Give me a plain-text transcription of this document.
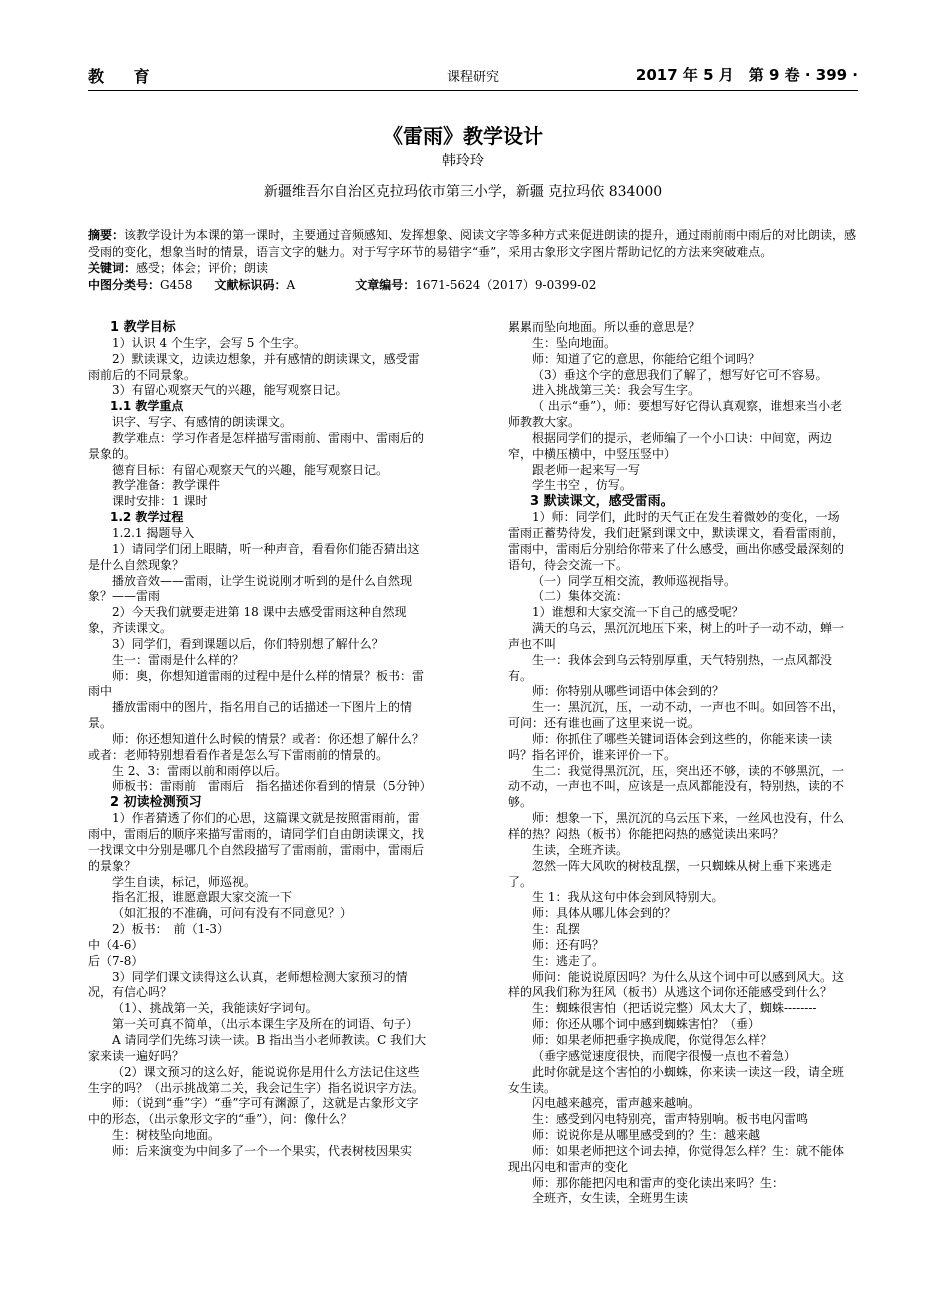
教 育	课程研究	2017 年 5 月　第 9 卷 · 399 ·
《雷雨》教学设计
韩玲玲
新疆维吾尔自治区克拉玛依市第三小学，新疆 克拉玛依 834000

摘要：该教学设计为本课的第一课时，主要通过音频感知、发挥想象、阅读文字等多种方式来促进朗读的提升，通过雨前雨中雨后的对比朗读，感受雨的变化，想象当时的情景，语言文字的魅力。对于写字环节的易错字“垂”，采用古象形文字图片帮助记忆的方法来突破难点。

关键词：感受；体会；评价；朗读

中图分类号：G458 文献标识码：A	文章编号：1671-5624（2017）9-0399-02

1 教学目标

1）认识 4 个生字，会写 5 个生字。

2）默读课文，边读边想象，并有感情的朗读课文，感受雷雨前后的不同景象。

3）有留心观察天气的兴趣，能写观察日记。

1.1 教学重点

识字、写字、有感情的朗读课文。

教学难点：学习作者是怎样描写雷雨前、雷雨中、雷雨后的景象的。

德育目标：有留心观察天气的兴趣，能写观察日记。

教学准备：教学课件

课时安排：1 课时

1.2 教学过程

1.2.1 揭题导入

1）请同学们闭上眼睛，听一种声音，看看你们能否猜出这是什么自然现象？

播放音效——雷雨，让学生说说刚才听到的是什么自然现象？——雷雨

2）今天我们就要走进第 18 课中去感受雷雨这种自然现象，齐读课文。

3）同学们，看到课题以后，你们特别想了解什么？

生一：雷雨是什么样的？

师：奥，你想知道雷雨的过程中是什么样的情景？板书：雷雨中

播放雷雨中的图片，指名用自己的话描述一下图片上的情景。

师：你还想知道什么时候的情景？或者：你还想了解什么？或者：老师特别想看看作者是怎么写下雷雨前的情景的。

生 2、3：雷雨以前和雨停以后。

师板书：雷雨前　雷雨后　指名描述你看到的情景（5分钟）

2 初读检测预习

1）作者猜透了你们的心思，这篇课文就是按照雷雨前，雷雨中，雷雨后的顺序来描写雷雨的，请同学们自由朗读课文，找一找课文中分别是哪几个自然段描写了雷雨前，雷雨中，雷雨后的景象？

学生自读，标记，师巡视。

指名汇报，谁愿意跟大家交流一下

（如汇报的不准确，可问有没有不同意见？）

2）板书：　前（1-3）

中（4-6）

后（7-8）

3）同学们课文读得这么认真，老师想检测大家预习的情况，有信心吗？

（1）、挑战第一关，我能读好字词句。

第一关可真不简单，（出示本课生字及所在的词语、句子）

A 请同学们先练习读一读。B 指出当小老师教读。C 我们大家来读一遍好吗？

（2）课文预习的这么好，能说说你是用什么方法记住这些生字的吗？（出示挑战第二关，我会记生字）指名说识字方法。

师：（说到“垂”字）“垂”字可有渊源了，这就是古象形文字中的形态，（出示象形文字的“垂”），问：像什么？

生：树枝坠向地面。

师：后来演变为中间多了一个一个果实，代表树枝因果实

累累而坠向地面。所以垂的意思是？

生：坠向地面。

师：知道了它的意思，你能给它组个词吗？

（3）垂这个字的意思我们了解了，想写好它可不容易。

进入挑战第三关：我会写生字。

（ 出示“垂”），师：要想写好它得认真观察，谁想来当小老师教教大家。

根据同学们的提示，老师编了一个小口诀：中间宽，两边窄，中横压横中，中竖压竖中）

跟老师一起来写一写

学生书空 ，仿写。

3 默读课文，感受雷雨。

1）师：同学们，此时的天气正在发生着微妙的变化，一场雷雨正蓄势待发，我们赶紧到课文中，默读课文，看看雷雨前，雷雨中，雷雨后分别给你带来了什么感受，画出你感受最深刻的语句，待会交流一下。

（一）同学互相交流，教师巡视指导。

（二）集体交流：

1）谁想和大家交流一下自己的感受呢？

满天的乌云，黑沉沉地压下来，树上的叶子一动不动，蝉一声也不叫

生一：我体会到乌云特别厚重，天气特别热，一点风都没有。

师：你特别从哪些词语中体会到的？

生一：黑沉沉，压，一动不动，一声也不叫。如回答不出，可问：还有谁也画了这里来说一说。

师：你抓住了哪些关键词语体会到这些的，你能来读一读吗？指名评价，谁来评价一下。

生二：我觉得黑沉沉，压，突出还不够，读的不够黑沉，一动不动，一声也不叫，应该是一点风都能没有，特别热，读的不够。

师：想象一下，黑沉沉的乌云压下来，一丝风也没有，什么样的热？闷热（板书）你能把闷热的感觉读出来吗？

生读，全班齐读。

忽然一阵大风吹的树枝乱摆，一只蜘蛛从树上垂下来逃走了。

生 1：我从这句中体会到风特别大。

师：具体从哪儿体会到的？

生：乱摆

师：还有吗？

生：逃走了。

师问：能说说原因吗？为什么从这个词中可以感到风大。这样的风我们称为狂风（板书）从逃这个词你还能感受到什么？

生：蜘蛛很害怕（把话说完整）风太大了，蜘蛛--------

师：你还从哪个词中感到蜘蛛害怕？（垂）

师：如果老师把垂字换成爬，你觉得怎么样？

（垂字感觉速度很快，而爬字很慢一点也不着急）

此时你就是这个害怕的小蜘蛛，你来读一读这一段，请全班女生读。

闪电越来越亮，雷声越来越响。

生：感受到闪电特别亮，雷声特别响。板书电闪雷鸣

师：说说你是从哪里感受到的？生：越来越

师：如果老师把这个词去掉，你觉得怎么样？生：就不能体现出闪电和雷声的变化

师：那你能把闪电和雷声的变化读出来吗？生：

全班齐，女生读，全班男生读
